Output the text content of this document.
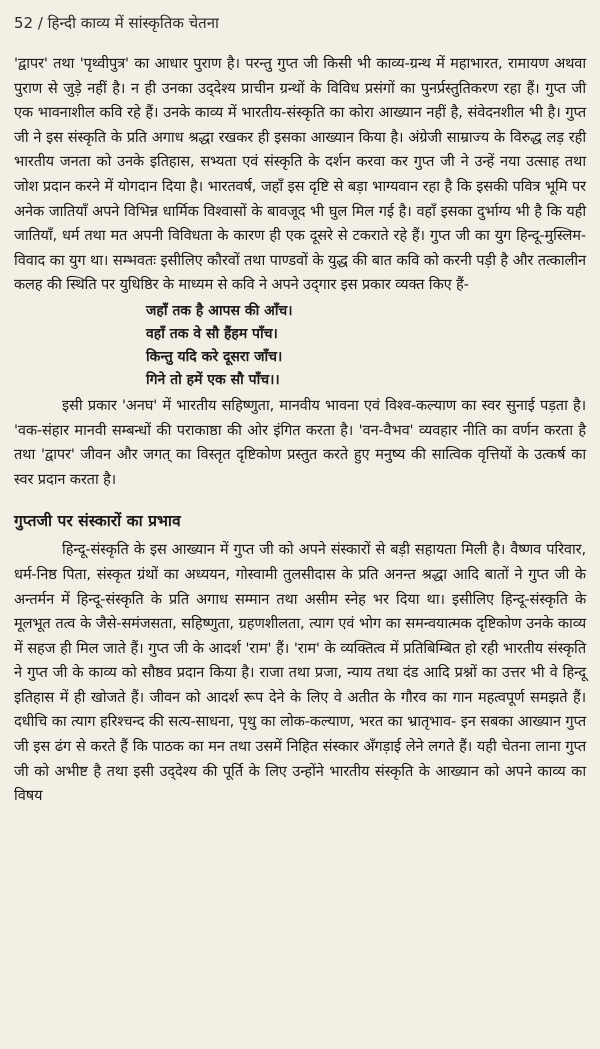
52 / हिन्दी काव्य में सांस्कृतिक चेतना

'द्वापर' तथा 'पृथ्वीपुत्र' का आधार पुराण है। परन्तु गुप्त जी किसी भी काव्य-ग्रन्थ में महाभारत, रामायण अथवा पुराण से जुड़े नहीं है। न ही उनका उद्‌देश्य प्राचीन ग्रन्थों के विविध प्रसंगों का पुनर्प्रस्तुतिकरण रहा हैं। गुप्त जी एक भावनाशील कवि रहे हैं। उनके काव्य में भारतीय-संस्कृति का कोरा आख्यान नहीं है, संवेदनशील भी है। गुप्त जी ने इस संस्कृति के प्रति अगाध श्रद्धा रखकर ही इसका आख्यान किया है। अंग्रेजी साम्राज्य के विरुद्ध लड़ रही भारतीय जनता को उनके इतिहास, सभ्यता एवं संस्कृति के दर्शन करवा कर गुप्त जी ने उन्हें नया उत्साह तथा जोश प्रदान करने में योगदान दिया है। भारतवर्ष, जहाँ इस दृष्टि से बड़ा भाग्यवान रहा है कि इसकी पवित्र भूमि पर अनेक जातियाँ अपने विभिन्न धार्मिक विश्वासों के बावजूद भी घुल मिल गई है। वहाँ इसका दुर्भाग्य भी है कि यही जातियाँ, धर्म तथा मत अपनी विविधता के कारण ही एक दूसरे से टकराते रहे हैं। गुप्त जी का युग हिन्दू-मुस्लिम-विवाद का युग था। सम्भवतः इसीलिए कौरवों तथा पाण्डवों के युद्ध की बात कवि को करनी पड़ी है और तत्कालीन कलह की स्थिति पर युधिष्ठिर के माध्यम से कवि ने अपने उद्‌गार इस प्रकार व्यक्त किए हैं-

जहाँ तक है आपस की आँच।
वहाँ तक वे सौ हैंहम पाँच।
किन्तु यदि करे दूसरा जाँच।
गिने तो हमें एक सौ पाँच।।

इसी प्रकार 'अनघ' में भारतीय सहिष्णुता, मानवीय भावना एवं विश्व-कल्याण का स्वर सुनाई पड़ता है। 'वक-संहार मानवी सम्बन्धों की पराकाष्ठा की ओर इंगित करता है। 'वन-वैभव' व्यवहार नीति का वर्णन करता है तथा 'द्वापर' जीवन और जगत्‌ का विस्तृत दृष्टिकोण प्रस्तुत करते हुए मनुष्य की सात्विक वृत्तियों के उत्कर्ष का स्वर प्रदान करता है।

गुप्तजी पर संस्कारों का प्रभाव

हिन्दू-संस्कृति के इस आख्यान में गुप्त जी को अपने संस्कारों से बड़ी सहायता मिली है। वैष्णव परिवार, धर्म-निष्ठ पिता, संस्कृत ग्रंथों का अध्ययन, गोस्वामी तुलसीदास के प्रति अनन्त श्रद्धा आदि बातों ने गुप्त जी के अन्तर्मन में हिन्दू-संस्कृति के प्रति अगाध सम्मान तथा असीम स्नेह भर दिया था। इसीलिए हिन्दू-संस्कृति के मूलभूत तत्व के जैसे-समंजसता, सहिष्णुता, ग्रहणशीलता, त्याग एवं भोग का समन्वयात्मक दृष्टिकोण उनके काव्य में सहज ही मिल जाते हैं। गुप्त जी के आदर्श 'राम' हैं। 'राम' के व्यक्तित्व में प्रतिबिम्बित हो रही भारतीय संस्कृति ने गुप्त जी के काव्य को सौष्ठव प्रदान किया है। राजा तथा प्रजा, न्याय तथा दंड आदि प्रश्नों का उत्तर भी वे हिन्दू इतिहास में ही खोजते हैं। जीवन को आदर्श रूप देने के लिए वे अतीत के गौरव का गान महत्वपूर्ण समझते हैं। दधीचि का त्याग हरिश्चन्द की सत्य-साधना, पृथु का लोक-कल्याण, भरत का भ्रातृभाव- इन सबका आख्यान गुप्त जी इस ढंग से करते हैं कि पाठक का मन तथा उसमें निहित संस्कार अँगड़ाई लेने लगते हैं। यही चेतना लाना गुप्त जी को अभीष्ट है तथा इसी उद्‌देश्य की पूर्ति के लिए उन्होंने भारतीय संस्कृति के आख्यान को अपने काव्य का विषय
